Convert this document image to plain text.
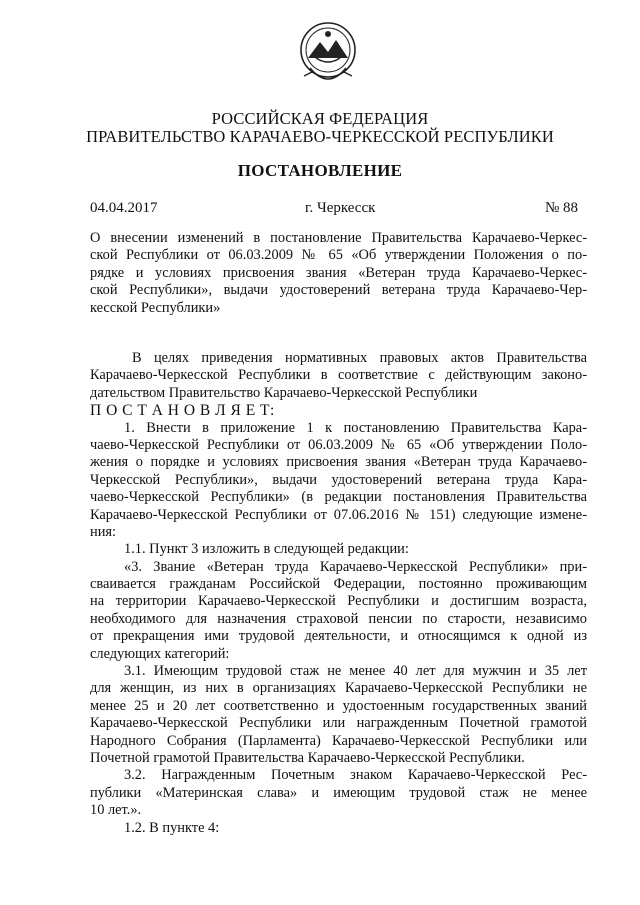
РОССИЙСКАЯ ФЕДЕРАЦИЯ
ПРАВИТЕЛЬСТВО КАРАЧАЕВО-ЧЕРКЕССКОЙ РЕСПУБЛИКИ
ПОСТАНОВЛЕНИЕ
04.04.2017	г. Черкесск	№ 88
О внесении изменений в постановление Правительства Карачаево-Черкес-
ской Республики от 06.03.2009 № 65 «Об утверждении Положения о по-
рядке и условиях присвоения звания «Ветеран труда Карачаево-Черкес-
ской Республики», выдачи удостоверений ветерана труда Карачаево-Чер-
кесской Республики»
В целях приведения нормативных правовых актов Правительства
Карачаево-Черкесской Республики в соответствие с действующим законо-
дательством Правительство Карачаево-Черкесской Республики
П О С Т А Н О В Л Я Е Т:
1. Внести в приложение 1 к постановлению Правительства Кара-
чаево-Черкесской Республики от 06.03.2009 № 65 «Об утверждении Поло-
жения о порядке и условиях присвоения звания «Ветеран труда Карачаево-
Черкесской Республики», выдачи удостоверений ветерана труда Кара-
чаево-Черкесской Республики» (в редакции постановления Правительства
Карачаево-Черкесской Республики от 07.06.2016 № 151) следующие измене-
ния:
1.1. Пункт 3 изложить в следующей редакции:
«3. Звание «Ветеран труда Карачаево-Черкесской Республики» при-
сваивается гражданам Российской Федерации, постоянно проживающим
на территории Карачаево-Черкесской Республики и достигшим возраста,
необходимого для назначения страховой пенсии по старости, независимо
от прекращения ими трудовой деятельности, и относящимся к одной из
следующих категорий:
3.1. Имеющим трудовой стаж не менее 40 лет для мужчин и 35 лет
для женщин, из них в организациях Карачаево-Черкесской Республики не
менее 25 и 20 лет соответственно и удостоенным государственных званий
Карачаево-Черкесской Республики или награжденным Почетной грамотой
Народного Собрания (Парламента) Карачаево-Черкесской Республики или
Почетной грамотой Правительства Карачаево-Черкесской Республики.
3.2. Награжденным Почетным знаком Карачаево-Черкесской Рес-
публики «Материнская слава» и имеющим трудовой стаж не менее
10 лет.».
1.2. В пункте 4:
